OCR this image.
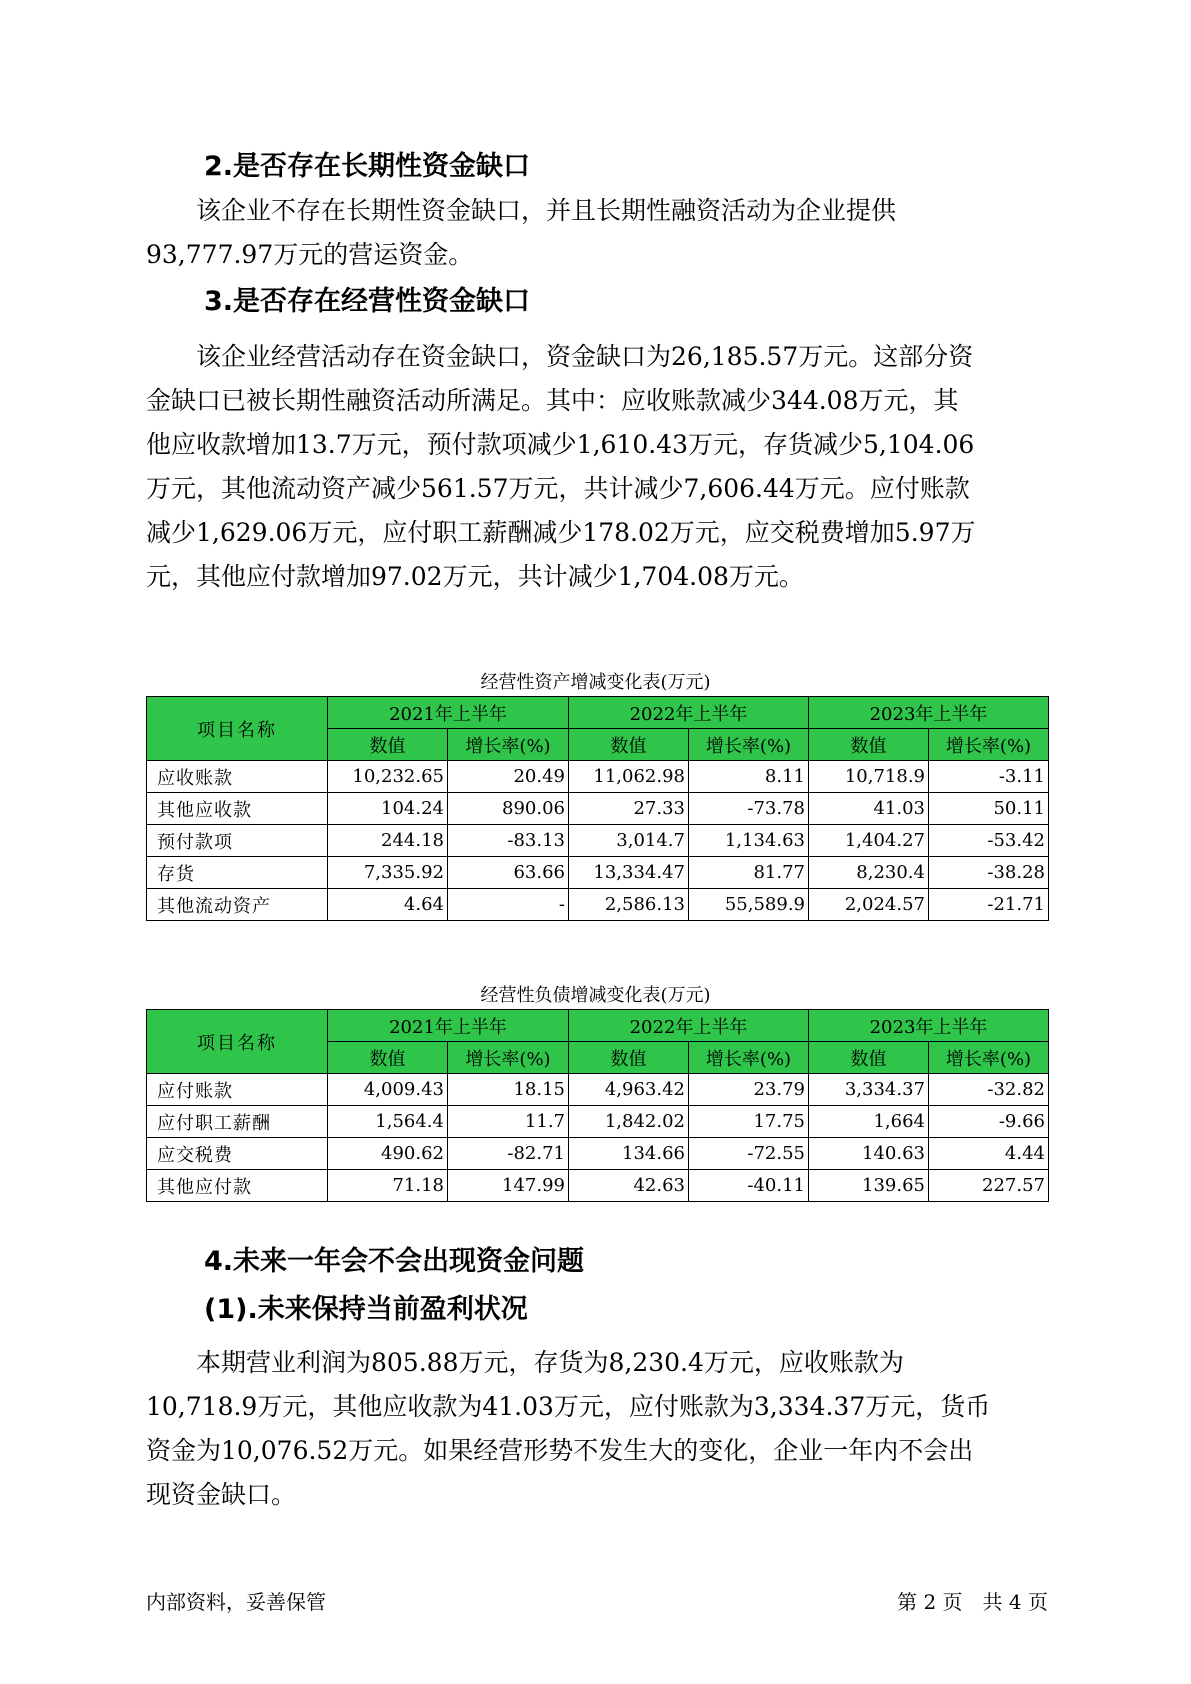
2.是否存在长期性资金缺口

该企业不存在长期性资金缺口，并且长期性融资活动为企业提供
93,777.97万元的营运资金。

3.是否存在经营性资金缺口

该企业经营活动存在资金缺口，资金缺口为26,185.57万元。这部分资
金缺口已被长期性融资活动所满足。其中：应收账款减少344.08万元，其
他应收款增加13.7万元，预付款项减少1,610.43万元，存货减少5,104.06
万元，其他流动资产减少561.57万元，共计减少7,606.44万元。应付账款
减少1,629.06万元，应付职工薪酬减少178.02万元，应交税费增加5.97万
元，其他应付款增加97.02万元，共计减少1,704.08万元。

经营性资产增减变化表(万元)
项目名称	2021年上半年		2022年上半年		2023年上半年	
	数值	增长率(%)	数值	增长率(%)	数值	增长率(%)
应收账款	10,232.65	20.49	11,062.98	8.11	10,718.9	-3.11
其他应收款	104.24	890.06	27.33	-73.78	41.03	50.11
预付款项	244.18	-83.13	3,014.7	1,134.63	1,404.27	-53.42
存货	7,335.92	63.66	13,334.47	81.77	8,230.4	-38.28
其他流动资产	4.64	-	2,586.13	55,589.9	2,024.57	-21.71
经营性负债增减变化表(万元)
项目名称	2021年上半年		2022年上半年		2023年上半年	
	数值	增长率(%)	数值	增长率(%)	数值	增长率(%)
应付账款	4,009.43	18.15	4,963.42	23.79	3,334.37	-32.82
应付职工薪酬	1,564.4	11.7	1,842.02	17.75	1,664	-9.66
应交税费	490.62	-82.71	134.66	-72.55	140.63	4.44
其他应付款	71.18	147.99	42.63	-40.11	139.65	227.57
4.未来一年会不会出现资金问题
(1).未来保持当前盈利状况

本期营业利润为805.88万元，存货为8,230.4万元，应收账款为
10,718.9万元，其他应收款为41.03万元，应付账款为3,334.37万元，货币
资金为10,076.52万元。如果经营形势不发生大的变化，企业一年内不会出
现资金缺口。

内部资料，妥善保管	第 2 页　共 4 页
